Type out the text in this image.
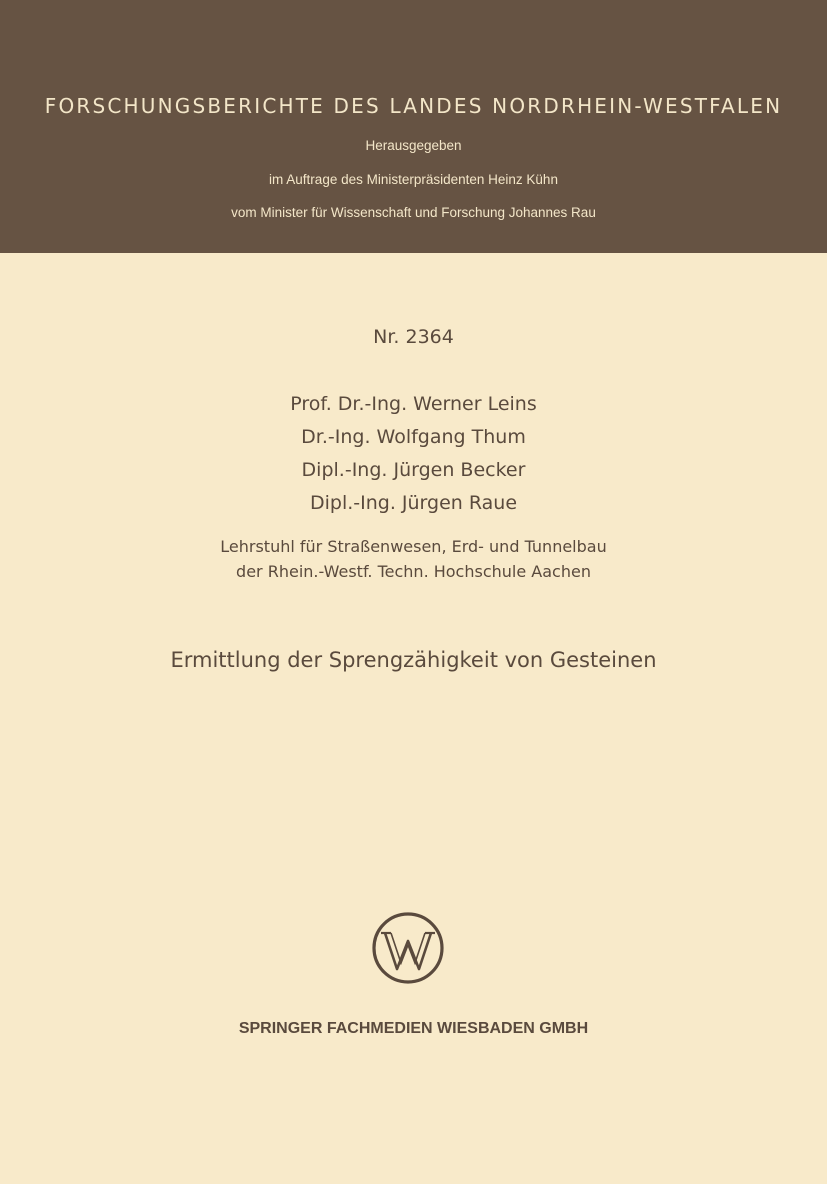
FORSCHUNGSBERICHTE DES LANDES NORDRHEIN-WESTFALEN
Herausgegeben
im Auftrage des Ministerpräsidenten Heinz Kühn
vom Minister für Wissenschaft und Forschung Johannes Rau
Nr. 2364
Prof. Dr.-Ing. Werner Leins
Dr.-Ing. Wolfgang Thum
Dipl.-Ing. Jürgen Becker
Dipl.-Ing. Jürgen Raue
Lehrstuhl für Straßenwesen, Erd- und Tunnelbau
der Rhein.-Westf. Techn. Hochschule Aachen
Ermittlung der Sprengzähigkeit von Gesteinen
SPRINGER FACHMEDIEN WIESBADEN GMBH
